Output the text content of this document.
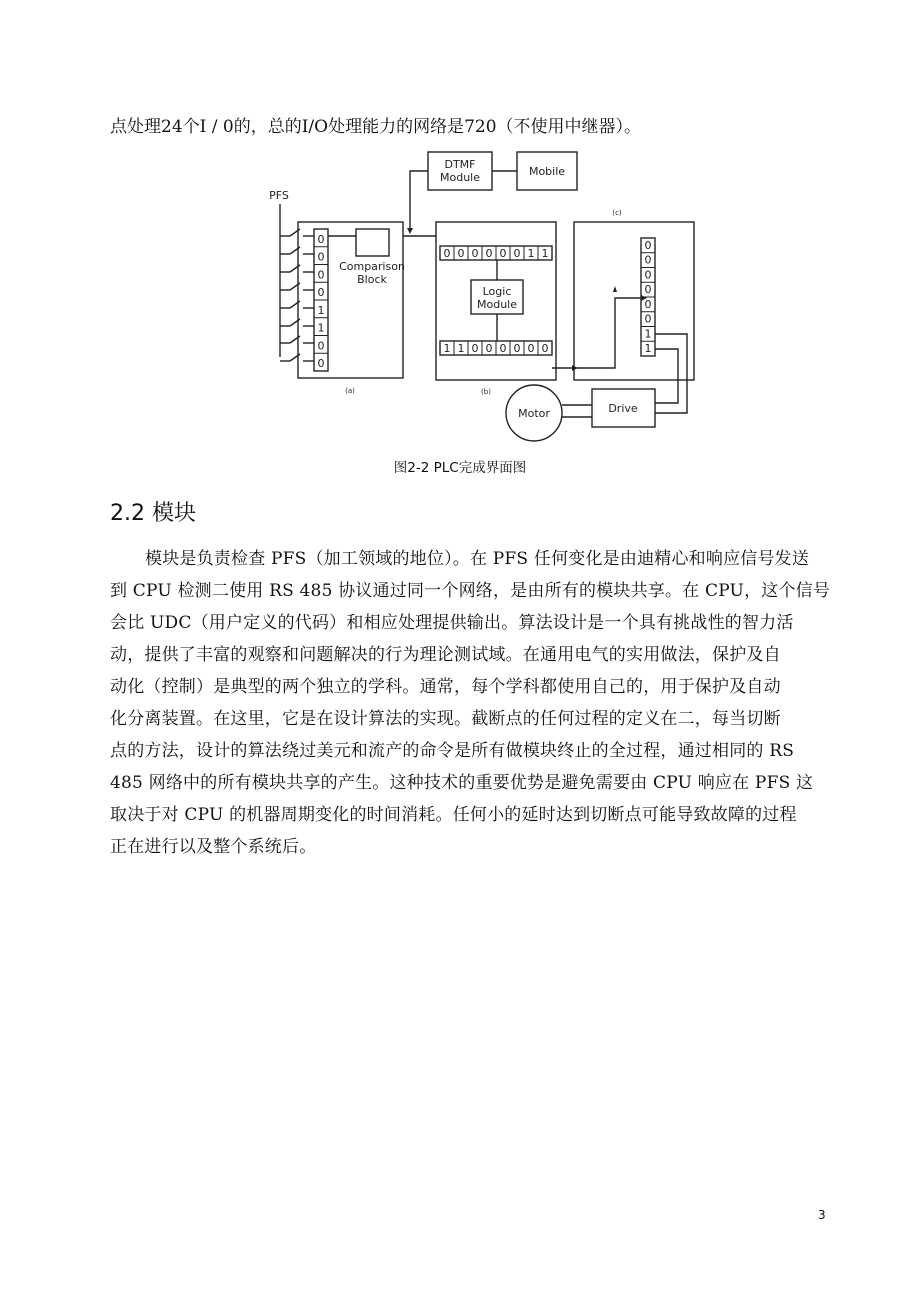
点处理24个I / 0的，总的I/O处理能力的网络是720（不使用中继器）。
0
0
0
0
1
1
0
0
0 0 0 0 0 0 1 1
1 1 0 0 0 0 0 0
0
0
0
0
0
0
1
1
PFS
DTMF
Module	Mobile
Comparison
Block
Logic
Module
Motor	Drive
(a)	(b)
(c)
图2-2 PLC完成界面图
2.2 模块
模块是负责检查 PFS（加工领域的地位）。在 PFS 任何变化是由迪精心和响应信号发送
到 CPU 检测二使用 RS 485 协议通过同一个网络，是由所有的模块共享。在 CPU，这个信号
会比 UDC（用户定义的代码）和相应处理提供输出。算法设计是一个具有挑战性的智力活
动，提供了丰富的观察和问题解决的行为理论测试域。在通用电气的实用做法，保护及自
动化（控制）是典型的两个独立的学科。通常，每个学科都使用自己的，用于保护及自动
化分离装置。在这里，它是在设计算法的实现。截断点的任何过程的定义在二，每当切断
点的方法，设计的算法绕过美元和流产的命令是所有做模块终止的全过程，通过相同的 RS
485 网络中的所有模块共享的产生。这种技术的重要优势是避免需要由 CPU 响应在 PFS 这
取决于对 CPU 的机器周期变化的时间消耗。任何小的延时达到切断点可能导致故障的过程
正在进行以及整个系统后。
3
